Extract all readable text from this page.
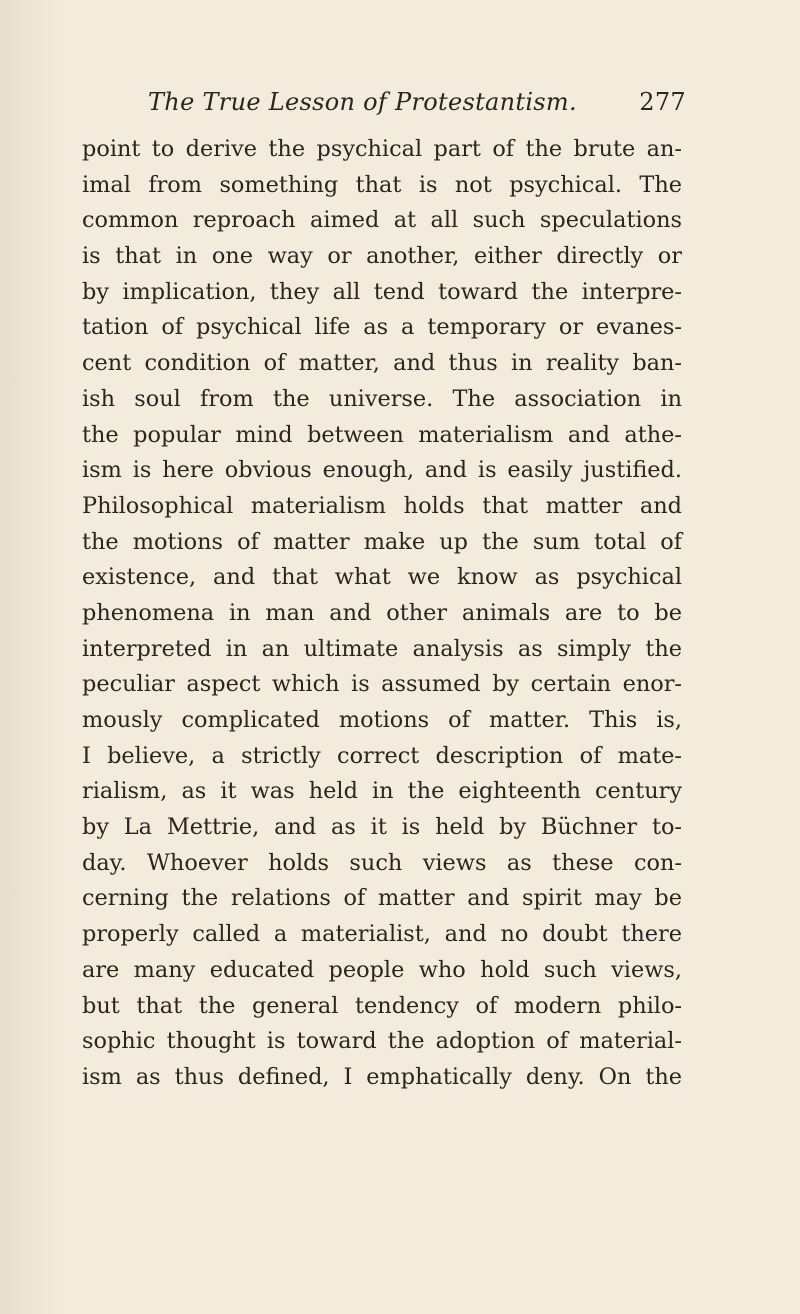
The True Lesson of Protestantism.	277
point to derive the psychical part of the brute an-
imal from something that is not psychical. The
common reproach aimed at all such speculations
is that in one way or another, either directly or
by implication, they all tend toward the interpre-
tation of psychical life as a temporary or evanes-
cent condition of matter, and thus in reality ban-
ish soul from the universe. The association in
the popular mind between materialism and athe-
ism is here obvious enough, and is easily justified.
Philosophical materialism holds that matter and
the motions of matter make up the sum total of
existence, and that what we know as psychical
phenomena in man and other animals are to be
interpreted in an ultimate analysis as simply the
peculiar aspect which is assumed by certain enor-
mously complicated motions of matter. This is,
I believe, a strictly correct description of mate-
rialism, as it was held in the eighteenth century
by La Mettrie, and as it is held by Büchner to-
day. Whoever holds such views as these con-
cerning the relations of matter and spirit may be
properly called a materialist, and no doubt there
are many educated people who hold such views,
but that the general tendency of modern philo-
sophic thought is toward the adoption of material-
ism as thus defined, I emphatically deny. On the
